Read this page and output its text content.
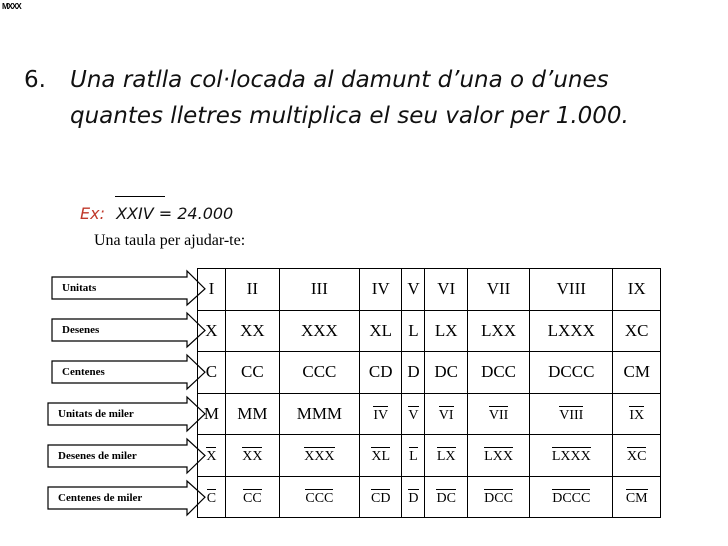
MXXX
6. Una ratlla col·locada al damunt d’una o d’unes quantes lletres multiplica el seu valor per 1.000.
Ex: XXIV = 24.000
Una taula per ajudar-te:
Unitats
Desenes
Centenes
Unitats de miler
Desenes de miler
Centenes de miler
I	II	III	IV	V	VI	VII	VIII	IX
X	XX	XXX	XL	L	LX	LXX	LXXX	XC
C	CC	CCC	CD	D	DC	DCC	DCCC	CM
M	MM	MMM	IV	V	VI	VII	VIII	IX
X	XX	XXX	XL	L	LX	LXX	LXXX	XC
C	CC	CCC	CD	D	DC	DCC	DCCC	CM
